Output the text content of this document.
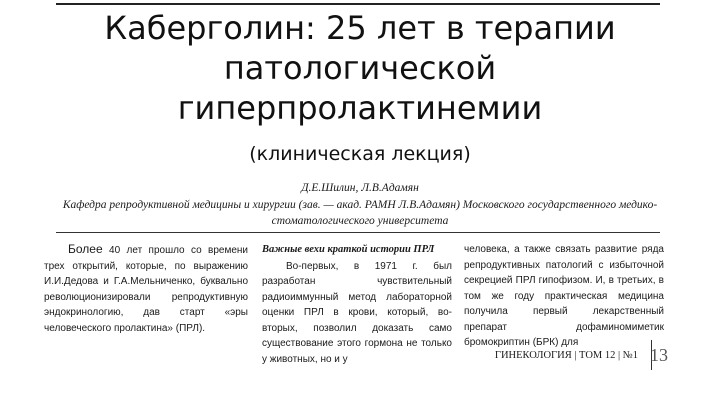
Каберголин: 25 лет в терапии патологической гиперпролактинемии
(клиническая лекция)
Д.Е.Шилин, Л.В.Адамян
Кафедра репродуктивной медицины и хирургии (зав. — акад. РАМН Л.В.Адамян) Московского государственного медико-стоматологического университета

Более 40 лет прошло со времени трех открытий, которые, по выражению И.И.Дедова и Г.А.Мельниченко, буквально революционизировали репродуктивную эндокринологию, дав старт «эры человеческого пролактина» (ПРЛ).

Важные вехи краткой истории ПРЛ

Во-первых, в 1971 г. был разработан чувствительный радиоиммунный метод лабораторной оценки ПРЛ в крови, который, во-вторых, позволил доказать само существование этого гормона не только у животных, но и у

человека, а также связать развитие ряда репродуктивных патологий с избыточной секрецией ПРЛ гипофизом. И, в третьих, в том же году практическая медицина получила первый лекарственный препарат дофаминомиметик бромокриптин (БРК) для

ГИНЕКОЛОГИЯ | ТОМ 12 | №1 13
